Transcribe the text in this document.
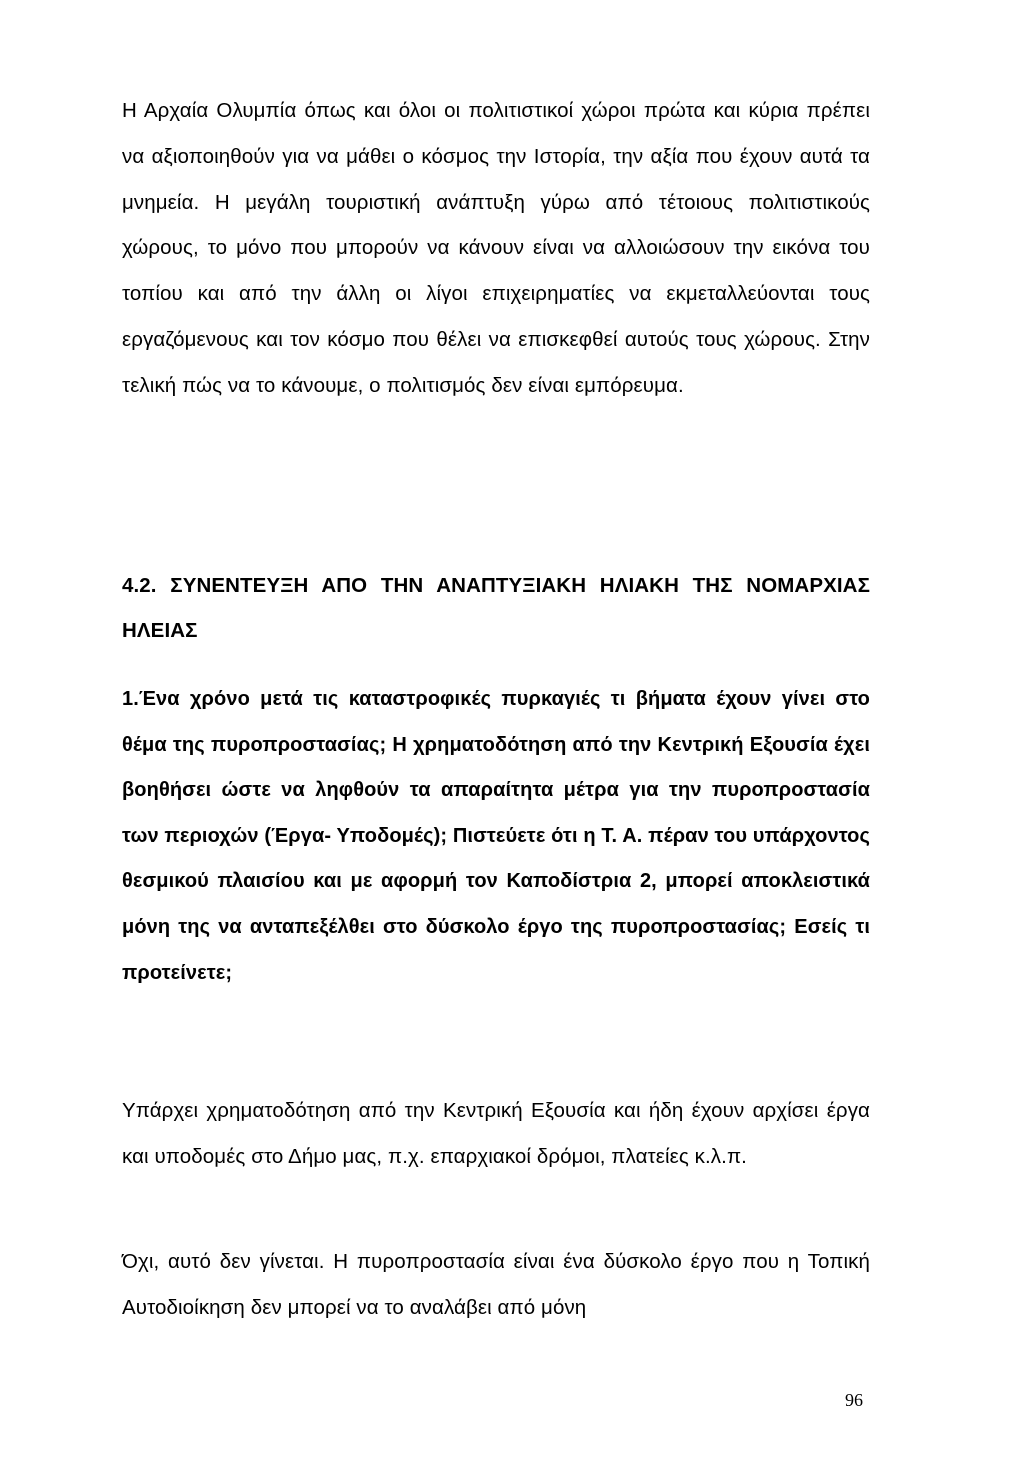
Η Αρχαία Ολυμπία όπως και όλοι οι πολιτιστικοί χώροι πρώτα και κύρια πρέπει να αξιοποιηθούν για να μάθει ο κόσμος την Ιστορία, την αξία που έχουν αυτά τα μνημεία. Η μεγάλη τουριστική ανάπτυξη γύρω από τέτοιους πολιτιστικούς χώρους, το μόνο που μπορούν να κάνουν είναι να αλλοιώσουν την εικόνα του τοπίου και από την άλλη οι λίγοι επιχειρηματίες να εκμεταλλεύονται τους εργαζόμενους και τον κόσμο που θέλει να επισκεφθεί αυτούς τους χώρους. Στην τελική πώς να το κάνουμε, ο πολιτισμός δεν είναι εμπόρευμα.

4.2. ΣΥΝΕΝΤΕΥΞΗ ΑΠΟ ΤΗΝ ΑΝΑΠΤΥΞΙΑΚΗ ΗΛΙΑΚΗ ΤΗΣ ΝΟΜΑΡΧΙΑΣ ΗΛΕΙΑΣ

1.Ένα χρόνο μετά τις καταστροφικές πυρκαγιές τι βήματα έχουν γίνει στο θέμα της πυροπροστασίας; Η χρηματοδότηση από την Κεντρική Εξουσία έχει βοηθήσει ώστε να ληφθούν τα απαραίτητα μέτρα για την πυροπροστασία των περιοχών (Έργα- Υποδομές); Πιστεύετε ότι η Τ. Α. πέραν του υπάρχοντος θεσμικού πλαισίου και με αφορμή τον Καποδίστρια 2, μπορεί αποκλειστικά μόνη της να ανταπεξέλθει στο δύσκολο έργο της πυροπροστασίας; Εσείς τι προτείνετε;

Υπάρχει χρηματοδότηση από την Κεντρική Εξουσία και ήδη έχουν αρχίσει έργα και υποδομές στο Δήμο μας, π.χ. επαρχιακοί δρόμοι, πλατείες κ.λ.π.

Όχι, αυτό δεν γίνεται. Η πυροπροστασία είναι ένα δύσκολο έργο που η Τοπική Αυτοδιοίκηση δεν μπορεί να το αναλάβει από μόνη

96
